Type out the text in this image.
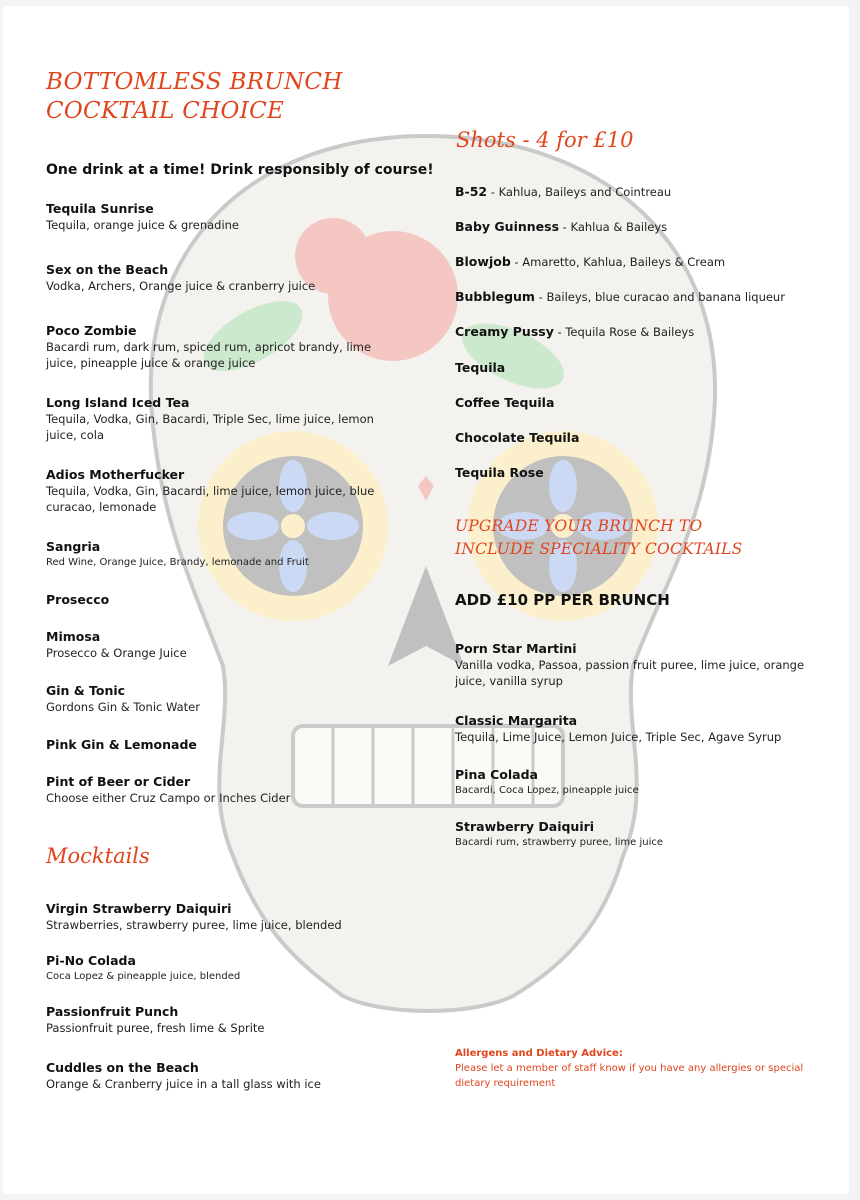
BOTTOMLESS BRUNCH
COCKTAIL CHOICE
One drink at a time! Drink responsibly of course!
Tequila Sunrise
Tequila, orange juice & grenadine
Sex on the Beach
Vodka, Archers, Orange juice & cranberry juice
Poco Zombie
Bacardi rum, dark rum, spiced rum, apricot brandy, lime juice, pineapple juice & orange juice
Long Island Iced Tea
Tequila, Vodka, Gin, Bacardi, Triple Sec, lime juice, lemon juice, cola
Adios Motherfucker
Tequila, Vodka, Gin, Bacardi, lime juice, lemon juice, blue curacao, lemonade
Sangria
Red Wine, Orange Juice, Brandy, lemonade and Fruit
Prosecco
Mimosa
Prosecco & Orange Juice
Gin & Tonic
Gordons Gin & Tonic Water
Pink Gin & Lemonade
Pint of Beer or Cider
Choose either Cruz Campo or Inches Cider
Mocktails
Virgin Strawberry Daiquiri
Strawberries, strawberry puree, lime juice, blended
Pi-No Colada
Coca Lopez & pineapple juice, blended
Passionfruit Punch
Passionfruit puree, fresh lime & Sprite
Cuddles on the Beach
Orange & Cranberry juice in a tall glass with ice
Shots - 4 for £10
B-52 - Kahlua, Baileys and Cointreau
Baby Guinness - Kahlua & Baileys
Blowjob - Amaretto, Kahlua, Baileys & Cream
Bubblegum - Baileys, blue curacao and banana liqueur
Creamy Pussy - Tequila Rose & Baileys
Tequila
Coffee Tequila
Chocolate Tequila
Tequila Rose
UPGRADE YOUR BRUNCH TO
INCLUDE SPECIALITY COCKTAILS
ADD £10 PP PER BRUNCH
Porn Star Martini
Vanilla vodka, Passoa, passion fruit puree, lime juice, orange juice, vanilla syrup
Classic Margarita
Tequila, Lime Juice, Lemon Juice, Triple Sec, Agave Syrup
Pina Colada
Bacardi, Coca Lopez, pineapple juice
Strawberry Daiquiri
Bacardi rum, strawberry puree, lime juice
Allergens and Dietary Advice:
Please let a member of staff know if you have any allergies or special dietary requirement
